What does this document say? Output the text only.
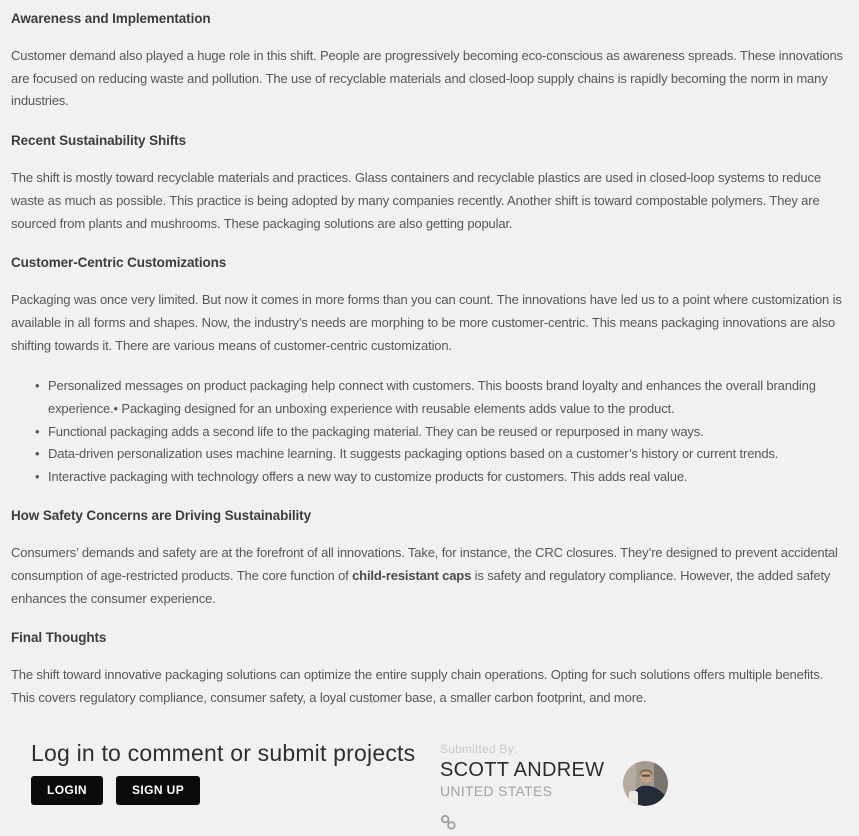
Awareness and Implementation

Customer demand also played a huge role in this shift. People are progressively becoming eco-conscious as awareness spreads. These innovations are focused on reducing waste and pollution. The use of recyclable materials and closed-loop supply chains is rapidly becoming the norm in many industries.

Recent Sustainability Shifts

The shift is mostly toward recyclable materials and practices. Glass containers and recyclable plastics are used in closed-loop systems to reduce waste as much as possible. This practice is being adopted by many companies recently. Another shift is toward compostable polymers. They are sourced from plants and mushrooms. These packaging solutions are also getting popular.

Customer-Centric Customizations

Packaging was once very limited. But now it comes in more forms than you can count. The innovations have led us to a point where customization is available in all forms and shapes. Now, the industry’s needs are morphing to be more customer-centric. This means packaging innovations are also shifting towards it. There are various means of customer-centric customization.

• Personalized messages on product packaging help connect with customers. This boosts brand loyalty and enhances the overall branding experience.• Packaging designed for an unboxing experience with reusable elements adds value to the product.
• Functional packaging adds a second life to the packaging material. They can be reused or repurposed in many ways.
• Data-driven personalization uses machine learning. It suggests packaging options based on a customer’s history or current trends.
• Interactive packaging with technology offers a new way to customize products for customers. This adds real value.
How Safety Concerns are Driving Sustainability

Consumers’ demands and safety are at the forefront of all innovations. Take, for instance, the CRC closures. They’re designed to prevent accidental consumption of age-restricted products. The core function of child-resistant caps is safety and regulatory compliance. However, the added safety enhances the consumer experience.

Final Thoughts

The shift toward innovative packaging solutions can optimize the entire supply chain operations. Opting for such solutions offers multiple benefits. This covers regulatory compliance, consumer safety, a loyal customer base, a smaller carbon footprint, and more.

Log in to comment or submit projects
LOGIN	SIGN UP
Submitted By:
SCOTT ANDREW
UNITED STATES
